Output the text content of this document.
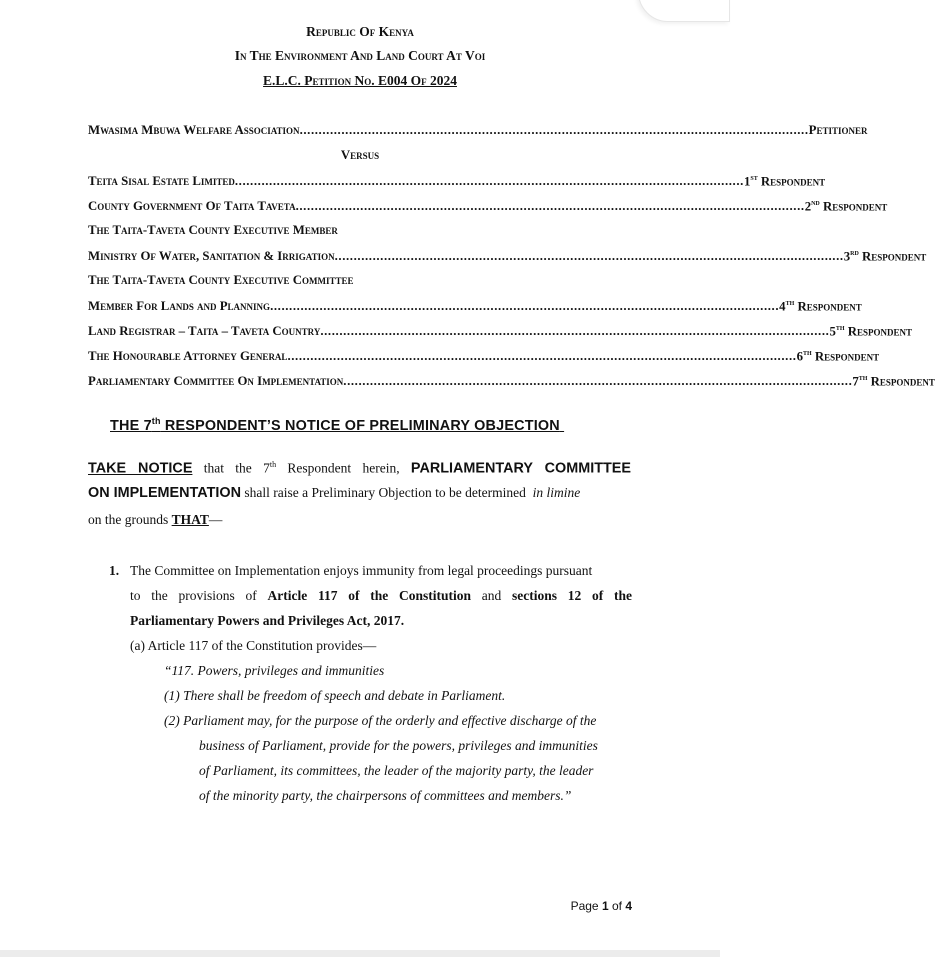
Republic Of Kenya
In The Environment And Land Court At Voi
E.L.C. Petition No. E004 Of 2024
Mwasima Mbuwa Welfare Association ...................................................................................................................................... Petitioner
Versus
Teita Sisal Estate Limited ...................................................................................................................................... 1st Respondent
County Government Of Taita Taveta ...................................................................................................................................... 2nd Respondent
The Taita-Taveta County Executive Member
Ministry Of Water, Sanitation & Irrigation ...................................................................................................................................... 3rd Respondent
The Taita-Taveta County Executive Committee
Member For Lands and Planning ...................................................................................................................................... 4th Respondent
Land Registrar – Taita – Taveta Country ...................................................................................................................................... 5th Respondent
The Honourable Attorney General ...................................................................................................................................... 6th Respondent
Parliamentary Committee On Implementation ...................................................................................................................................... 7th Respondent
THE 7th RESPONDENT’S NOTICE OF PRELIMINARY OBJECTION
TAKE NOTICE that the 7th Respondent herein, PARLIAMENTARY COMMITTEE
ON IMPLEMENTATION shall raise a Preliminary Objection to be determined  in limine
on the grounds THAT—
1. The Committee on Implementation enjoys immunity from legal proceedings pursuant
to the provisions of Article 117 of the Constitution and sections 12 of the
Parliamentary Powers and Privileges Act, 2017.
(a) Article 117 of the Constitution provides—
“117. Powers, privileges and immunities
(1) There shall be freedom of speech and debate in Parliament.
(2) Parliament may, for the purpose of the orderly and effective discharge of the
business of Parliament, provide for the powers, privileges and immunities
of Parliament, its committees, the leader of the majority party, the leader
of the minority party, the chairpersons of committees and members.”
Page 1 of 4
